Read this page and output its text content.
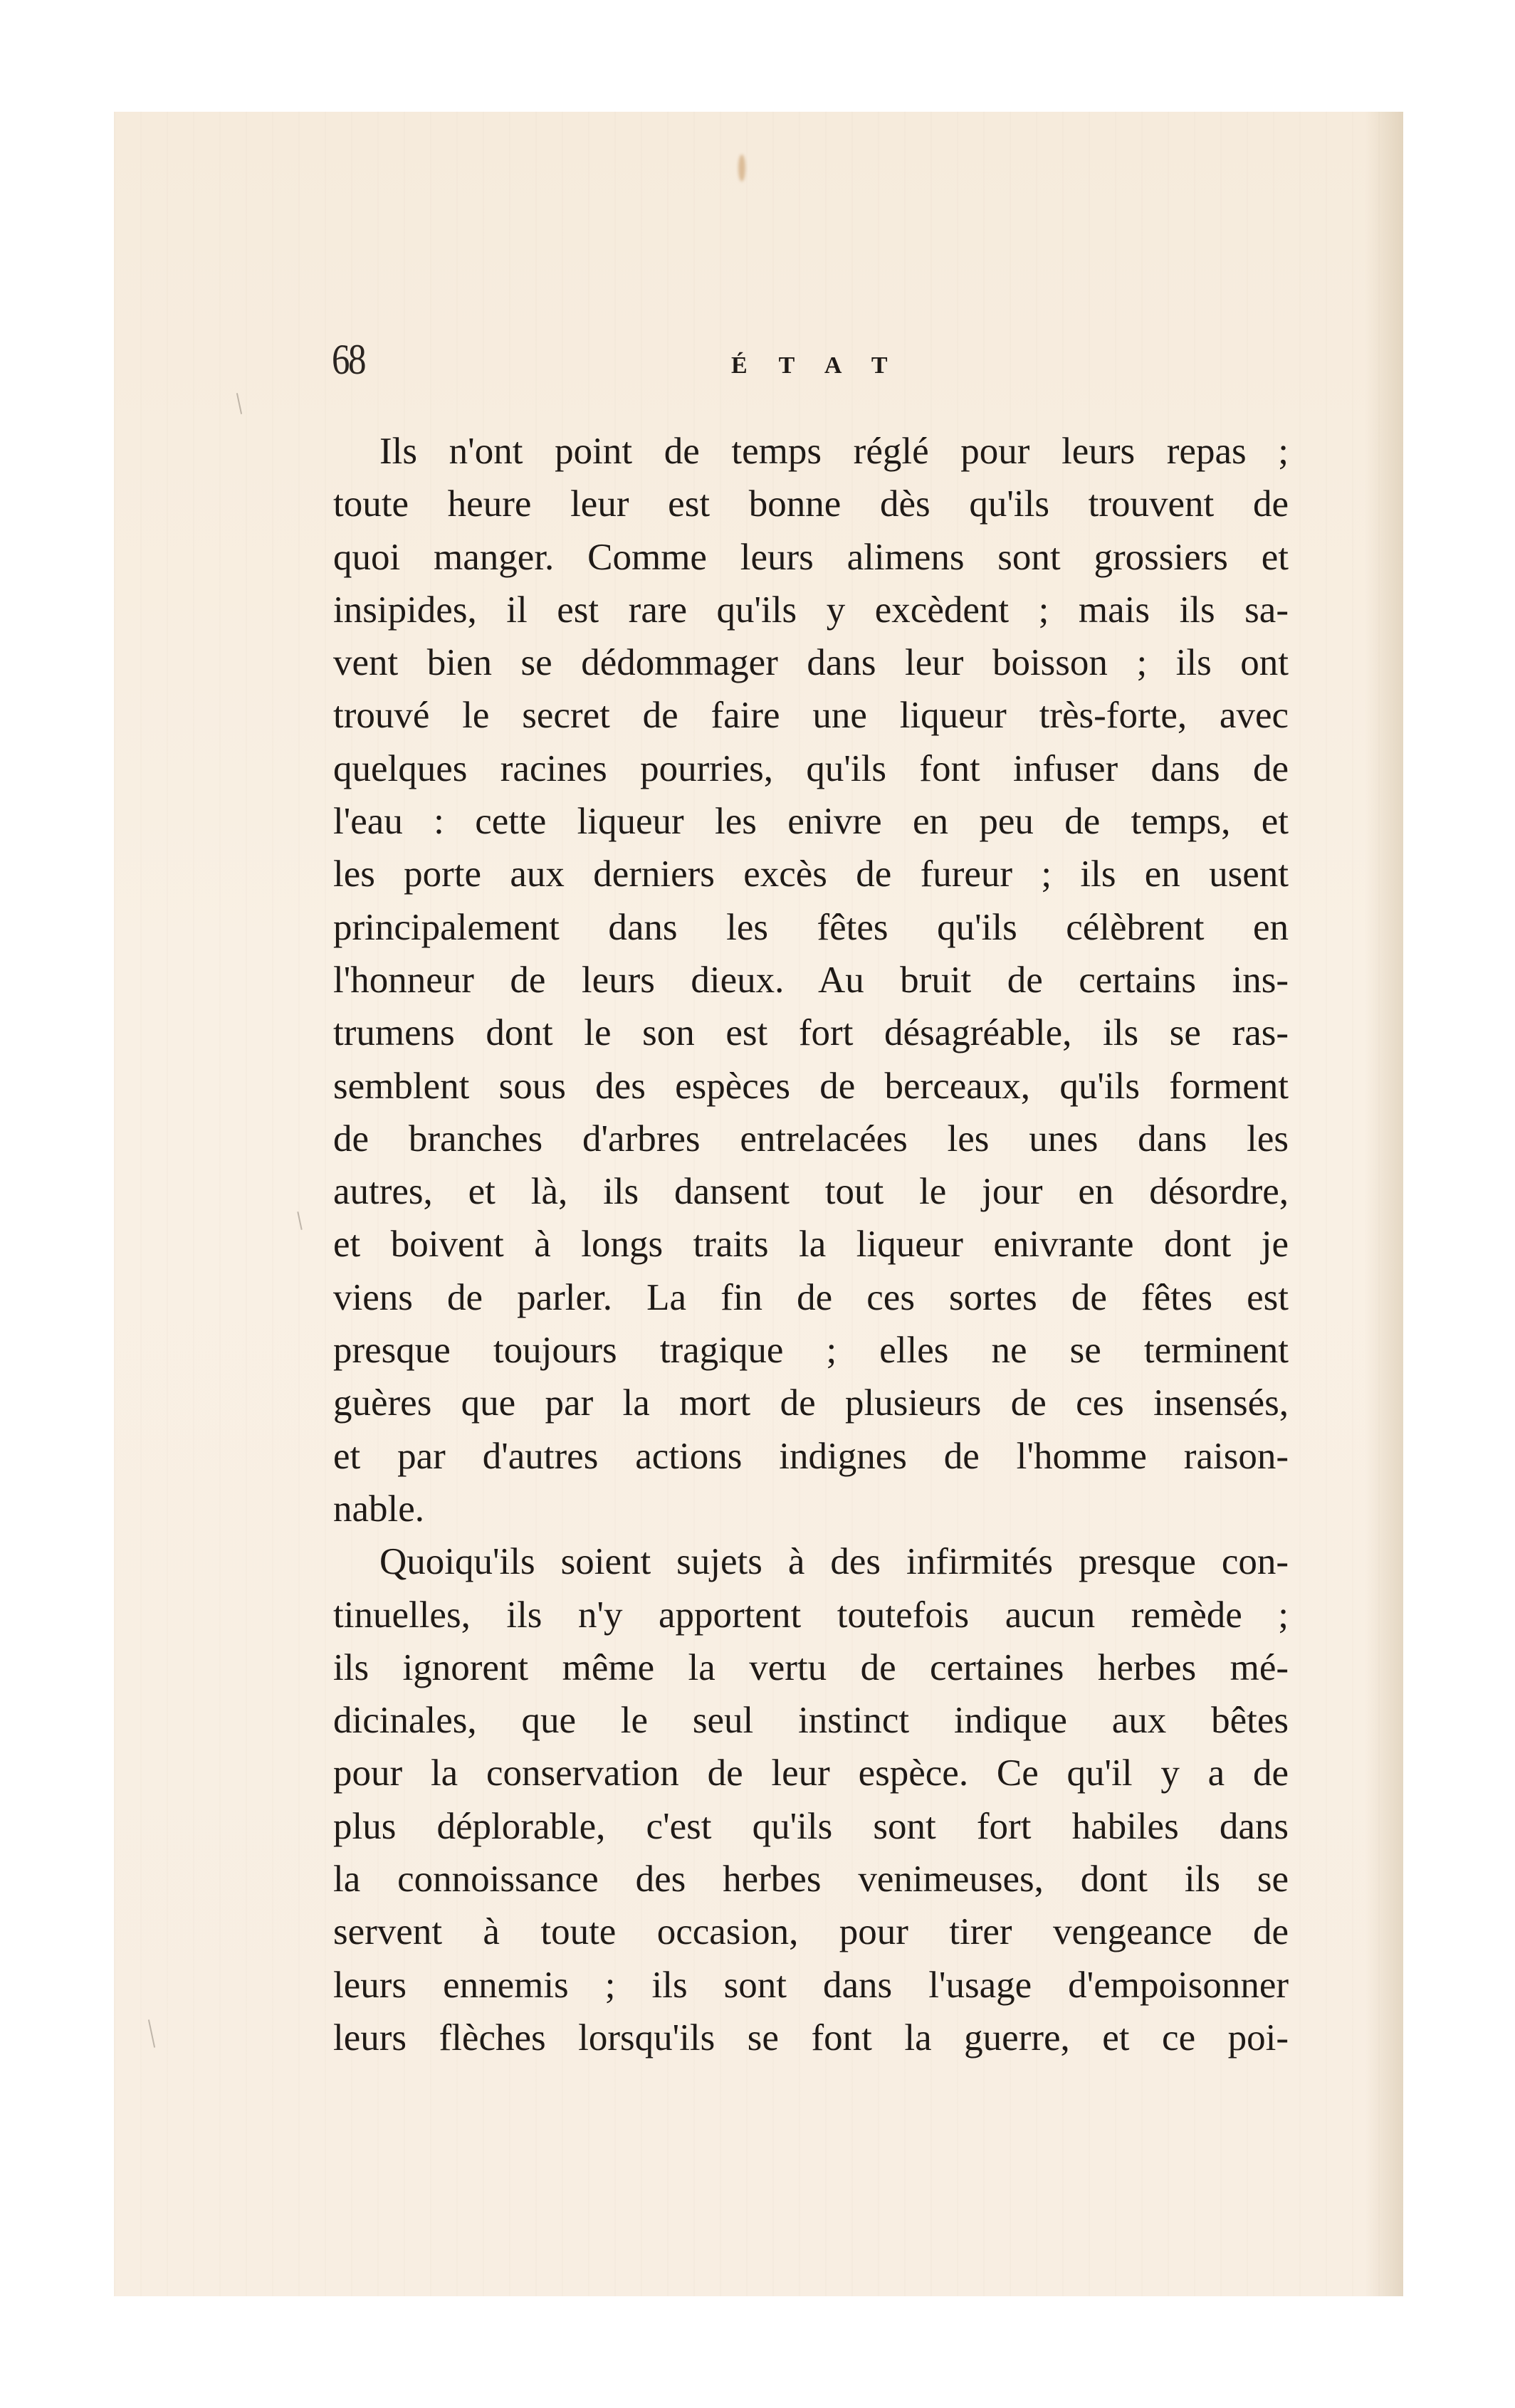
68	ÉTAT
Ils n'ont point de temps réglé pour leurs repas ;
toute heure leur est bonne dès qu'ils trouvent de
quoi manger. Comme leurs alimens sont grossiers et
insipides, il est rare qu'ils y excèdent ; mais ils sa-
vent bien se dédommager dans leur boisson ; ils ont
trouvé le secret de faire une liqueur très-forte, avec
quelques racines pourries, qu'ils font infuser dans de
l'eau : cette liqueur les enivre en peu de temps, et
les porte aux derniers excès de fureur ; ils en usent
principalement dans les fêtes qu'ils célèbrent en
l'honneur de leurs dieux. Au bruit de certains ins-
trumens dont le son est fort désagréable, ils se ras-
semblent sous des espèces de berceaux, qu'ils forment
de branches d'arbres entrelacées les unes dans les
autres, et là, ils dansent tout le jour en désordre,
et boivent à longs traits la liqueur enivrante dont je
viens de parler. La fin de ces sortes de fêtes est
presque toujours tragique ; elles ne se terminent
guères que par la mort de plusieurs de ces insensés,
et par d'autres actions indignes de l'homme raison-
nable.
Quoiqu'ils soient sujets à des infirmités presque con-
tinuelles, ils n'y apportent toutefois aucun remède ;
ils ignorent même la vertu de certaines herbes mé-
dicinales, que le seul instinct indique aux bêtes
pour la conservation de leur espèce. Ce qu'il y a de
plus déplorable, c'est qu'ils sont fort habiles dans
la connoissance des herbes venimeuses, dont ils se
servent à toute occasion, pour tirer vengeance de
leurs ennemis ; ils sont dans l'usage d'empoisonner
leurs flèches lorsqu'ils se font la guerre, et ce poi-
